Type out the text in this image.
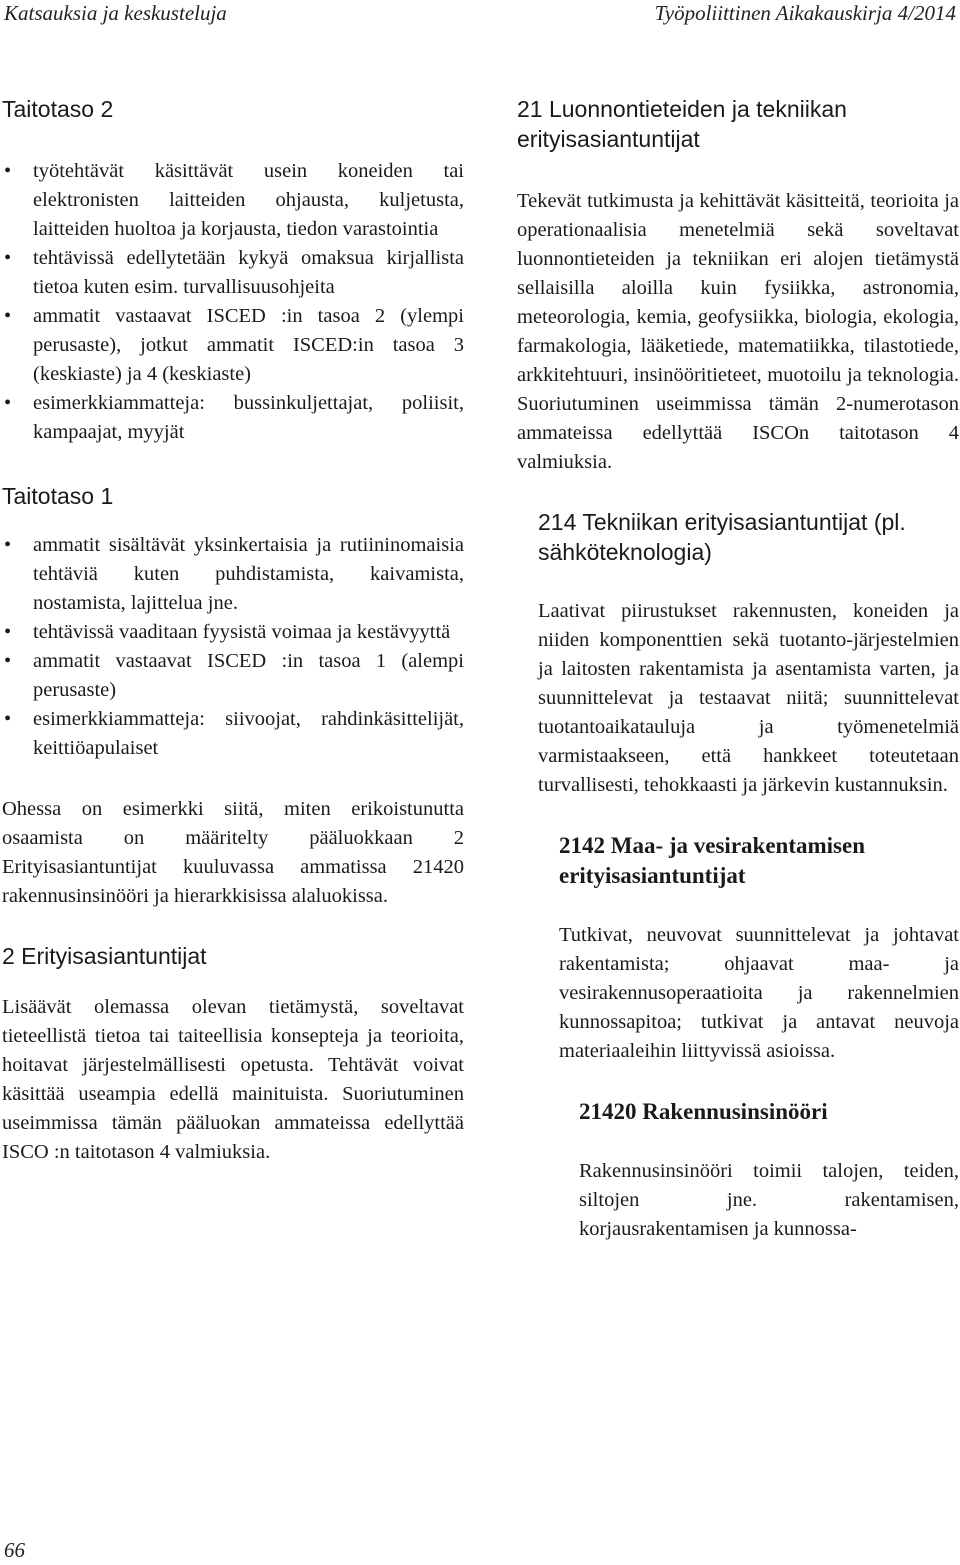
Katsauksia ja keskusteluja	Työpoliittinen Aikakauskirja 4/2014
Taitotaso 2
• työtehtävät käsittävät usein koneiden tai elektronisten laitteiden ohjausta, kuljetusta, laitteiden huoltoa ja korjausta, tiedon varastointia
• tehtävissä edellytetään kykyä omaksua kirjallista tietoa kuten esim. turvallisuusohjeita
• ammatit vastaavat ISCED :in tasoa 2 (ylempi perusaste), jotkut ammatit ISCED:in tasoa 3 (keskiaste) ja 4 (keskiaste)
• esimerkkiammatteja: bussinkuljettajat, poliisit, kampaajat, myyjät
Taitotaso 1
• ammatit sisältävät yksinkertaisia ja rutiininomaisia tehtäviä kuten puhdistamista, kaivamista, nostamista, lajittelua jne.
• tehtävissä vaaditaan fyysistä voimaa ja kestävyyttä
• ammatit vastaavat ISCED :in tasoa 1 (alempi perusaste)
• esimerkkiammatteja: siivoojat, rahdinkäsittelijät, keittiöapulaiset

Ohessa on esimerkki siitä, miten erikoistunutta osaamista on määritelty pääluokkaan 2 Erityisasiantuntijat kuuluvassa ammatissa 21420 rakennusinsinööri ja hierarkkisissa alaluokissa.

2 Erityisasiantuntijat

Lisäävät olemassa olevan tietämystä, soveltavat tieteellistä tietoa tai taiteellisia konsepteja ja teorioita, hoitavat järjestelmällisesti opetusta. Tehtävät voivat käsittää useampia edellä mainituista. Suoriutuminen useimmissa tämän pääluokan ammateissa edellyttää ISCO :n taitotason 4 valmiuksia.

21 Luonnontieteiden ja tekniikan erityisasiantuntijat

Tekevät tutkimusta ja kehittävät käsitteitä, teorioita ja operationaalisia menetelmiä sekä soveltavat luonnontieteiden ja tekniikan eri alojen tietämystä sellaisilla aloilla kuin fysiikka, astronomia, meteorologia, kemia, geofysiikka, biologia, ekologia, farmakologia, lääketiede, matematiikka, tilastotiede, arkkitehtuuri, insinööritieteet, muotoilu ja teknologia. Suoriutuminen useimmissa tämän 2-numerotason ammateissa edellyttää ISCOn taitotason 4 valmiuksia.

214 Tekniikan erityisasiantuntijat (pl. sähköteknologia)

Laativat piirustukset rakennusten, koneiden ja niiden komponenttien sekä tuotanto-järjestelmien ja laitosten rakentamista ja asentamista varten, ja suunnittelevat ja testaavat niitä; suunnittelevat tuotantoaikatauluja ja työmenetelmiä varmistaakseen, että hankkeet toteutetaan turvallisesti, tehokkaasti ja järkevin kustannuksin.

2142 Maa- ja vesirakentamisen erityisasiantuntijat

Tutkivat, neuvovat suunnittelevat ja johtavat rakentamista; ohjaavat maa- ja vesirakennusoperaatioita ja rakennelmien kunnossapitoa; tutkivat ja antavat neuvoja materiaaleihin liittyvissä asioissa.

21420 Rakennusinsinööri

Rakennusinsinööri toimii talojen, teiden, siltojen jne. rakentamisen, korjausrakentamisen ja kunnossa-

66
